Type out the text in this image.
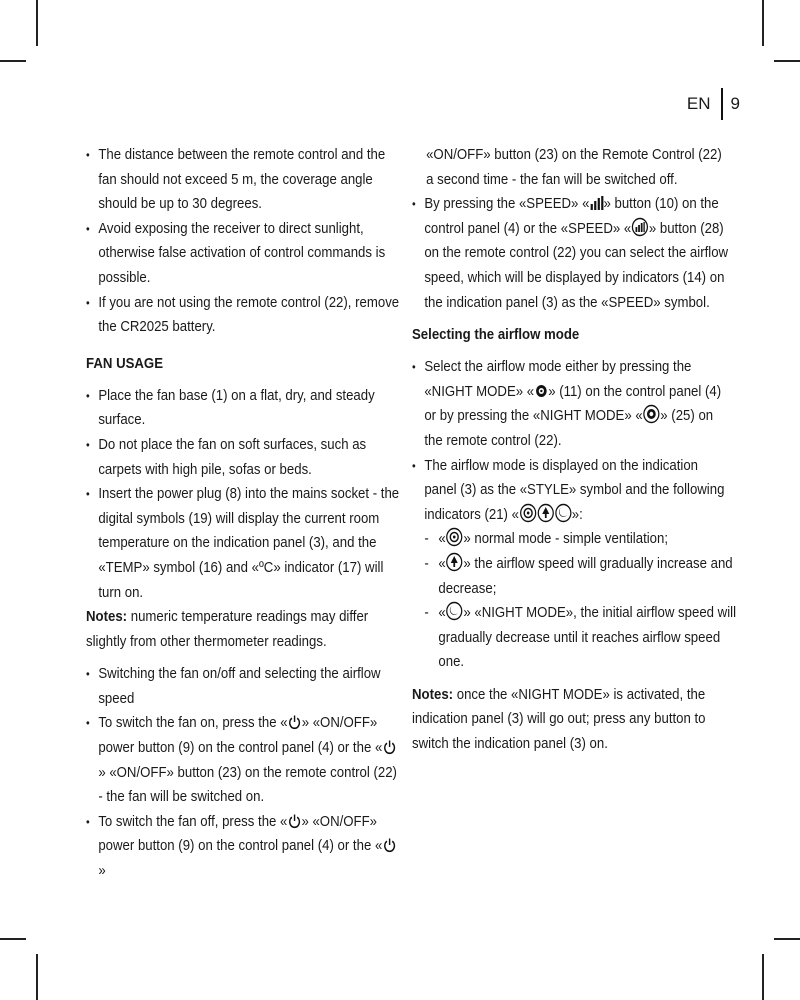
EN 9
• The distance between the remote control and the fan should not exceed 5 m, the coverage angle should be up to 30 degrees.
• Avoid exposing the receiver to direct sunlight, otherwise false activation of control commands is possible.
• If you are not using the remote control (22), remove the CR2025 battery.
FAN USAGE
• Place the fan base (1) on a flat, dry, and steady surface.
• Do not place the fan on soft surfaces, such as carpets with high pile, sofas or beds.
• Insert the power plug (8) into the mains socket - the digital symbols (19) will display the current room temperature on the indication panel (3), and the «TEMP» symbol (16) and «ºC» indicator (17) will turn on.
Notes: numeric temperature readings may differ slightly from other thermometer readings.
• Switching the fan on/off and selecting the airflow speed
• To switch the fan on, press the « » «ON/OFF» power button (9) on the control panel (4) or the «» «ON/OFF» button (23) on the remote control (22) - the fan will be switched on.
• To switch the fan off, press the « » «ON/OFF» power button (9) on the control panel (4) or the «»
«ON/OFF» button (23) on the Remote Control (22) a second time - the fan will be switched off.
• By pressing the «SPEED» « » button (10) on the control panel (4) or the «SPEED» « » button (28) on the remote control (22) you can select the airflow speed, which will be displayed by indicators (14) on the indication panel (3) as the «SPEED» symbol.
Selecting the airflow mode
• Select the airflow mode either by pressing the «NIGHT MODE» « » (11) on the control panel (4) or by pressing the «NIGHT MODE» « » (25) on the remote control (22).
• The airflow mode is displayed on the indication panel (3) as the «STYLE» symbol and the following indicators (21) «	»:
- « » normal mode - simple ventilation;
- « » the airflow speed will gradually increase and decrease;
- « » «NIGHT MODE», the initial airflow speed will gradually decrease until it reaches airflow speed one.
Notes: once the «NIGHT MODE» is activated, the indication panel (3) will go out; press any button to switch the indication panel (3) on.
